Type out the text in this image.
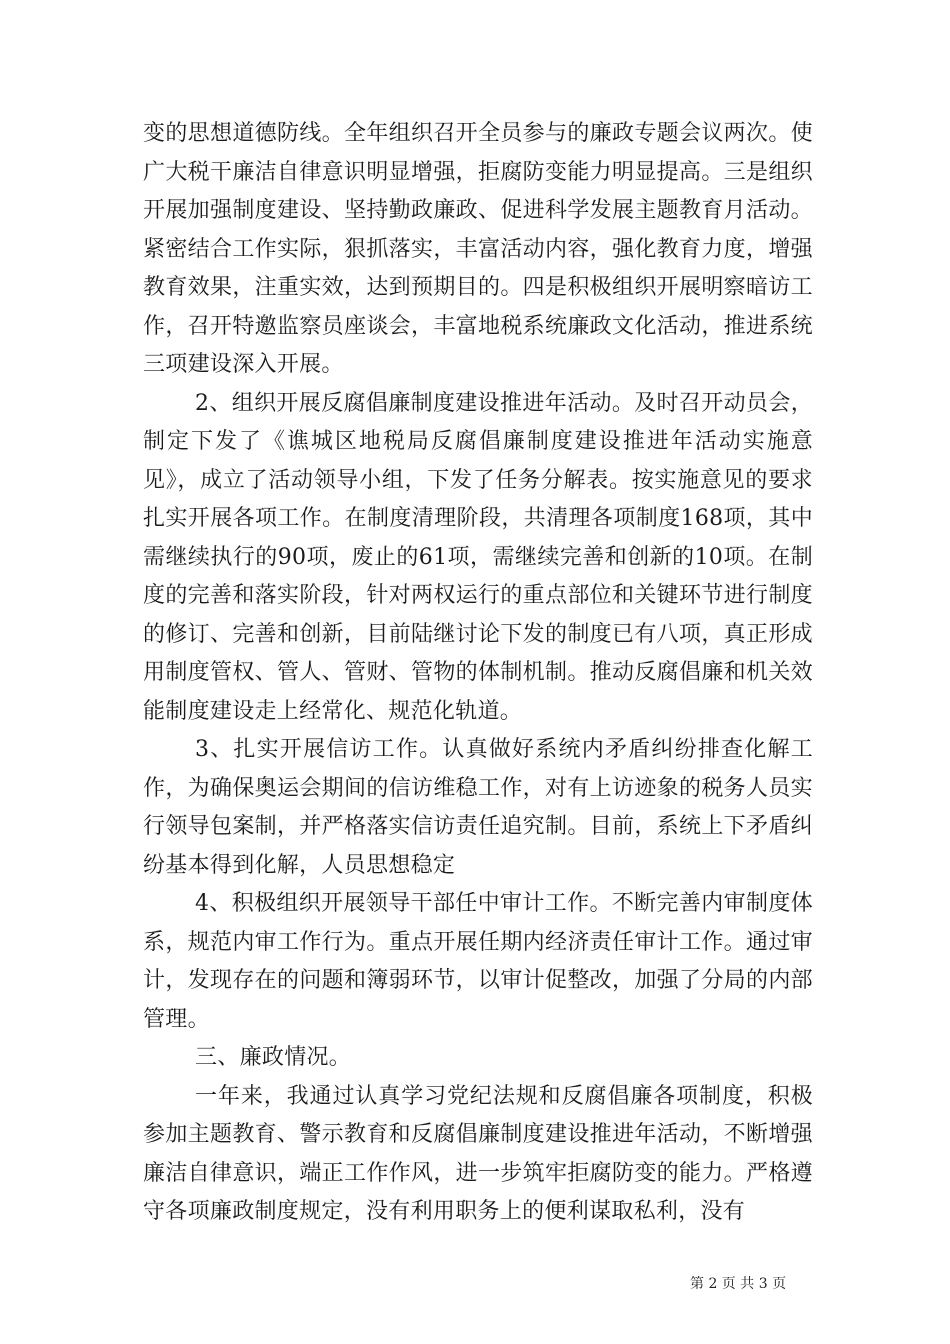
变的思想道德防线。全年组织召开全员参与的廉政专题会议两次。使广大税干廉洁自律意识明显增强，拒腐防变能力明显提高。三是组织开展加强制度建设、坚持勤政廉政、促进科学发展主题教育月活动。紧密结合工作实际，狠抓落实，丰富活动内容，强化教育力度，增强教育效果，注重实效，达到预期目的。四是积极组织开展明察暗访工作，召开特邀监察员座谈会，丰富地税系统廉政文化活动，推进系统三项建设深入开展。

2、组织开展反腐倡廉制度建设推进年活动。及时召开动员会，制定下发了《谯城区地税局反腐倡廉制度建设推进年活动实施意见》，成立了活动领导小组，下发了任务分解表。按实施意见的要求扎实开展各项工作。在制度清理阶段，共清理各项制度168项，其中需继续执行的90项，废止的61项，需继续完善和创新的10项。在制度的完善和落实阶段，针对两权运行的重点部位和关键环节进行制度的修订、完善和创新，目前陆继讨论下发的制度已有八项，真正形成用制度管权、管人、管财、管物的体制机制。推动反腐倡廉和机关效能制度建设走上经常化、规范化轨道。

3、扎实开展信访工作。认真做好系统内矛盾纠纷排查化解工作，为确保奥运会期间的信访维稳工作，对有上访迹象的税务人员实行领导包案制，并严格落实信访责任追究制。目前，系统上下矛盾纠纷基本得到化解，人员思想稳定

4、积极组织开展领导干部任中审计工作。不断完善内审制度体系，规范内审工作行为。重点开展任期内经济责任审计工作。通过审计，发现存在的问题和簿弱环节，以审计促整改，加强了分局的内部管理。

三、廉政情况。

一年来，我通过认真学习党纪法规和反腐倡廉各项制度，积极参加主题教育、警示教育和反腐倡廉制度建设推进年活动，不断增强廉洁自律意识，端正工作作风，进一步筑牢拒腐防变的能力。严格遵守各项廉政制度规定，没有利用职务上的便利谋取私利，没有

第 2 页 共 3 页
